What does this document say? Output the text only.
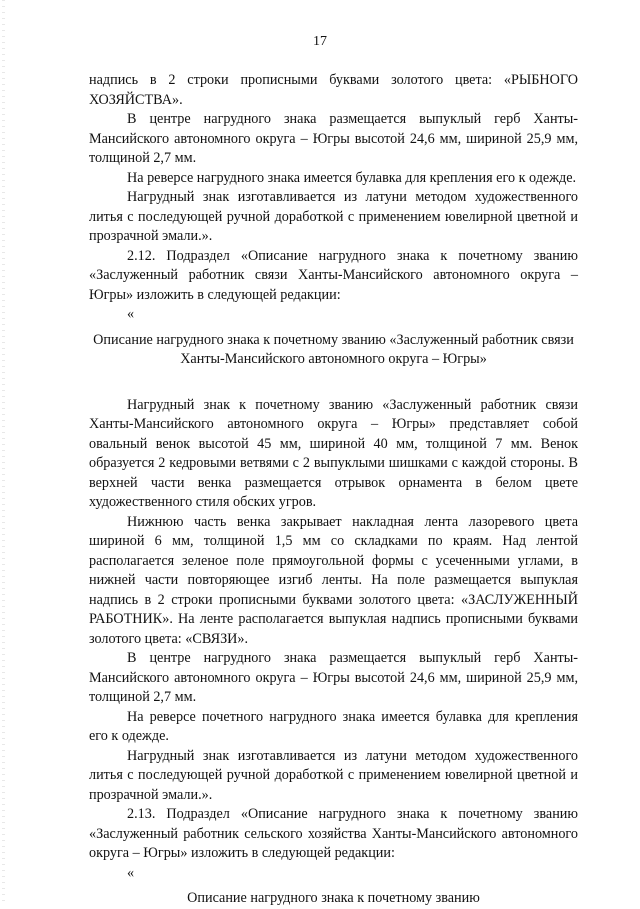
17

надпись в 2 строки прописными буквами золотого цвета: «РЫБНОГО ХОЗЯЙСТВА».

В центре нагрудного знака размещается выпуклый герб Ханты-Мансийского автономного округа – Югры высотой 24,6 мм, шириной 25,9 мм, толщиной 2,7 мм.

На реверсе нагрудного знака имеется булавка для крепления его к одежде.

Нагрудный знак изготавливается из латуни методом художественного литья с последующей ручной доработкой с применением ювелирной цветной и прозрачной эмали.».

2.12. Подраздел «Описание нагрудного знака к почетному званию «Заслуженный работник связи Ханты-Мансийского автономного округа – Югры» изложить в следующей редакции:

«

Описание нагрудного знака к почетному званию «Заслуженный работник связи Ханты-Мансийского автономного округа – Югры»

Нагрудный знак к почетному званию «Заслуженный работник связи Ханты-Мансийского автономного округа – Югры» представляет собой овальный венок высотой 45 мм, шириной 40 мм, толщиной 7 мм. Венок образуется 2 кедровыми ветвями с 2 выпуклыми шишками с каждой стороны. В верхней части венка размещается отрывок орнамента в белом цвете художественного стиля обских угров.

Нижнюю часть венка закрывает накладная лента лазоревого цвета шириной 6 мм, толщиной 1,5 мм со складками по краям. Над лентой располагается зеленое поле прямоугольной формы с усеченными углами, в нижней части повторяющее изгиб ленты. На поле размещается выпуклая надпись в 2 строки прописными буквами золотого цвета: «ЗАСЛУЖЕННЫЙ РАБОТНИК». На ленте располагается выпуклая надпись прописными буквами золотого цвета: «СВЯЗИ».

В центре нагрудного знака размещается выпуклый герб Ханты-Мансийского автономного округа – Югры высотой 24,6 мм, шириной 25,9 мм, толщиной 2,7 мм.

На реверсе почетного нагрудного знака имеется булавка для крепления его к одежде.

Нагрудный знак изготавливается из латуни методом художественного литья с последующей ручной доработкой с применением ювелирной цветной и прозрачной эмали.».

2.13. Подраздел «Описание нагрудного знака к почетному званию «Заслуженный работник сельского хозяйства Ханты-Мансийского автономного округа – Югры» изложить в следующей редакции:

«

Описание нагрудного знака к почетному званию
